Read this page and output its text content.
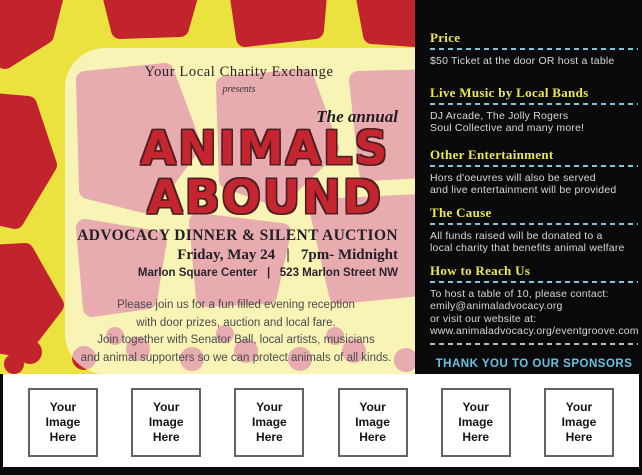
Your Local Charity Exchange
presents
The annual
ANIMALS
ABOUND
ADVOCACY DINNER & SILENT AUCTION
Friday, May 24   |   7pm- Midnight
Marlon Square Center   |   523 Marlon Street NW
Please join us for a fun filled evening reception
with door prizes, auction and local fare.
Join together with Senator Ball, local artists, musicians
and animal supporters so we can protect animals of all kinds.
Price
$50 Ticket at the door OR host a table
Live Music by Local Bands
DJ Arcade, The Jolly Rogers
Soul Collective and many more!
Other Entertainment
Hors d'oeuvres will also be served
and live entertainment will be provided
The Cause
All funds raised will be donated to a
local charity that benefits animal welfare
How to Reach Us
To host a table of 10, please contact:
emily@animaladvocacy.org
or visit our website at:
www.animaladvocacy.org/eventgroove.com
THANK YOU TO OUR SPONSORS
Your
Image
Here
Your
Image
Here
Your
Image
Here
Your
Image
Here
Your
Image
Here
Your
Image
Here
